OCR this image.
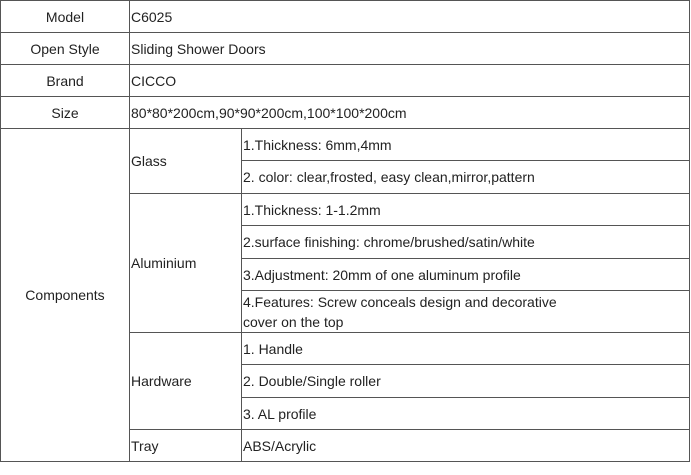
Model	C6025	
Open Style	Sliding Shower Doors	
Brand	CICCO	
Size	80*80*200cm,90*90*200cm,100*100*200cm	
Components	Glass	1.Thickness: 6mm,4mm
		2. color: clear,frosted, easy clean,mirror,pattern
	Aluminium	1.Thickness: 1-1.2mm
		2.surface finishing: chrome/brushed/satin/white
		3.Adjustment: 20mm of one aluminum profile
		4.Features: Screw conceals design and decorative cover on the top
	Hardware	1. Handle
		2. Double/Single roller
		3. AL profile
	Tray	ABS/Acrylic
